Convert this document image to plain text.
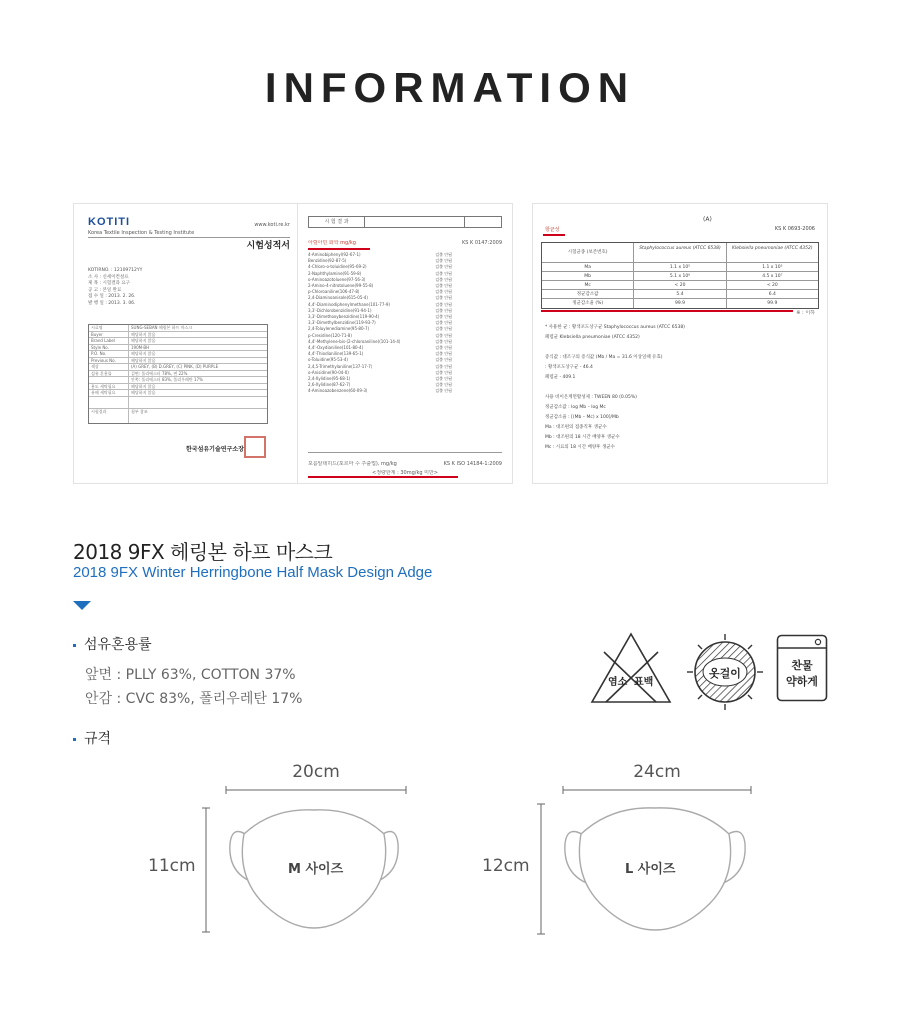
INFORMATION
KOTITI
Korea Textile Inspection & Testing Institute
www.koti.re.kr
시험성적서
KOTIRNO. : 12109712YY
소 사 : 신세이컨설프
제 목 : 시험결과 요구
공 고 : 본일 완료
접 수 일 : 2013. 2. 26.
발 행 일 : 2013. 3. 06.
시료명	SUNG-SEBAN 헤링본 하프 마스크
Buyer	해당하지 않음
Brand Label	해당하지 않음
Style No.	190M-BH
P.O. No.	해당하지 않음
Previous No.	해당하지 않음
색상	(A) GREY, (B) D.GREY, (C) PINK, (D) PURPLE
섬유 혼용률	겉면: 폴리에스터 78%, 면 22%
안쪽: 폴리에스터 83%, 폴리우레탄 17%
용도 세탁필요	해당하지 않음
유해 세탁필요	해당하지 않음
시험결과	첨부 참조
한국섬유기술연구소장
시 험 결 과
아릴아민 화학 mg/kg	KS K 0147:2009
4-Aminobiphenyl(92-67-1)	검출 안됨
Benzidine(92-87-5)	검출 안됨
4-Chloro-o-toluidine(95-69-2)	검출 안됨
2-Naphthylamine(91-59-8)	검출 안됨
o-Aminoazotoluene(97-56-3)	검출 안됨
2-Amino-4-nitrotoluene(99-55-8)	검출 안됨
p-Chloroaniline(106-47-8)	검출 안됨
2,4-Diaminoanisole(615-05-4)	검출 안됨
4,4'-Diaminodiphenylmethane(101-77-9)	검출 안됨
3,3'-Dichlorobenzidine(91-94-1)	검출 안됨
3,3'-Dimethoxybenzidine(119-90-4)	검출 안됨
3,3'-Dimethylbenzidine(119-93-7)	검출 안됨
2,4-Toluylenediamine(95-80-7)	검출 안됨
p-Cresidine(120-71-8)	검출 안됨
4,4'-Methylene-bis-(2-chloroaniline)(101-14-4)	검출 안됨
4,4'-Oxydianiline(101-80-4)	검출 안됨
4,4'-Thiodianiline(139-65-1)	검출 안됨
o-Toluidine(95-53-4)	검출 안됨
2,4,5-Trimethylaniline(137-17-7)	검출 안됨
o-Anisidine(90-04-0)	검출 안됨
2,4-Xylidine(95-68-1)	검출 안됨
2,6-Xylidine(87-62-7)	검출 안됨
4-Aminoazobenzene(60-09-3)	검출 안됨
포름알데히드(포르마 수 주출법), mg/kg	KS K ISO 14184-1:2009
<정량한계 : 30mg/kg 미만>
항균성
(A)
KS K 0693-2006
시험균종 (보존번호)
Staphylococcus aureus (ATCC 6538)	Klebsiella pneumoniae (ATCC 4352)
Ma	1.1 x 10⁵	1.1 x 10⁵
Mb	5.1 x 10⁶	4.5 x 10⁷
Mc	< 20	< 20
정균감소값	5.4	6.4
정균감소율 (%)	99.9	99.9
※ : 이하
* 사용한 균 : 황색포도상구균 Staphylococcus aureus (ATCC 6538)
폐렴균 Klebsiella pneumoniae (ATCC 4352)
증식값 : 대조구의 증식값 (Mb / Ma = 31.6 이상일때 유효)
: 황색포도상구균 - 46.4
폐렴균 - 409.1
사용 비이온계면활성제 : TWEEN 80 (0.05%)
정균감소값 : log Mb – log Mc
정균감소율 : [(Mb – Mc) x 100]/Mb
Ma : 대조편의 접종직후 생균수
Mb : 대조편의 18 시간 배양후 생균수
Mc : 시료의 18 시간 배양후 생균수
2018 9FX 헤링본 하프 마스크
2018 9FX Winter Herringbone Half Mask Design Adge
섬유혼용률
앞면 : PLLY 63%, COTTON 37%
안감 : CVC 83%, 폴리우레탄 17%
염소 표백
옷걸이
찬물
약하게
규격
20cm
11cm	M 사이즈
24cm
12cm	L 사이즈
